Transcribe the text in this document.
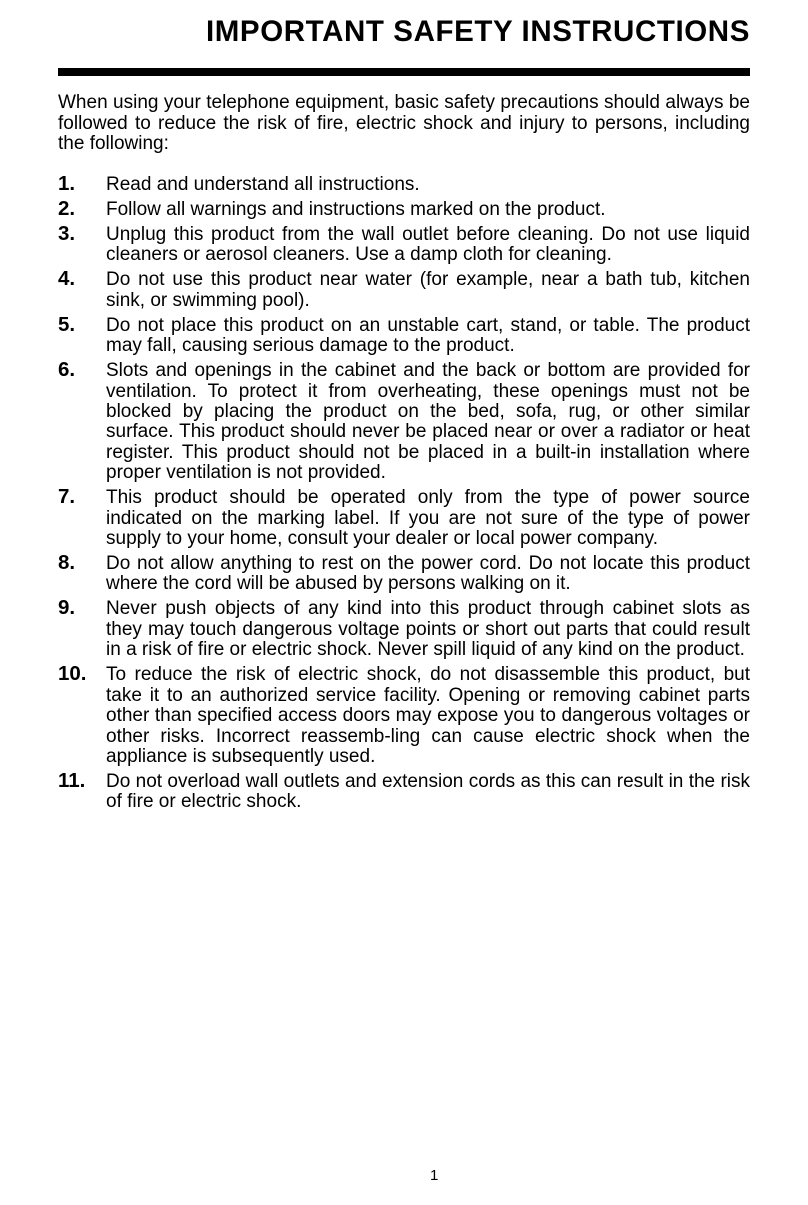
IMPORTANT SAFETY INSTRUCTIONS

When using your telephone equipment, basic safety precautions should always be followed to reduce the risk of fire, electric shock and injury to persons, including the following:

1. Read and understand all instructions.
2. Follow all warnings and instructions marked on the product.
3. Unplug this product from the wall outlet before cleaning. Do not use liquid cleaners or aerosol cleaners. Use a damp cloth for cleaning.
4. Do not use this product near water (for example, near a bath tub, kitchen sink, or swimming pool).
5. Do not place this product on an unstable cart, stand, or table. The product may fall, causing serious damage to the product.
6. Slots and openings in the cabinet and the back or bottom are provided for ventilation. To protect it from overheating, these openings must not be blocked by placing the product on the bed, sofa, rug, or other similar surface. This product should never be placed near or over a radiator or heat register. This product should not be placed in a built-in installation where proper ventilation is not provided.
7. This product should be operated only from the type of power source indicated on the marking label. If you are not sure of the type of power supply to your home, consult your dealer or local power company.
8. Do not allow anything to rest on the power cord. Do not locate this product where the cord will be abused by persons walking on it.
9. Never push objects of any kind into this product through cabinet slots as they may touch dangerous voltage points or short out parts that could result in a risk of fire or electric shock. Never spill liquid of any kind on the product.
10. To reduce the risk of electric shock, do not disassemble this product, but take it to an authorized service facility. Opening or removing cabinet parts other than specified access doors may expose you to dangerous voltages or other risks. Incorrect reassemb-ling can cause electric shock when the appliance is subsequently used.
11. Do not overload wall outlets and extension cords as this can result in the risk of fire or electric shock.
1
